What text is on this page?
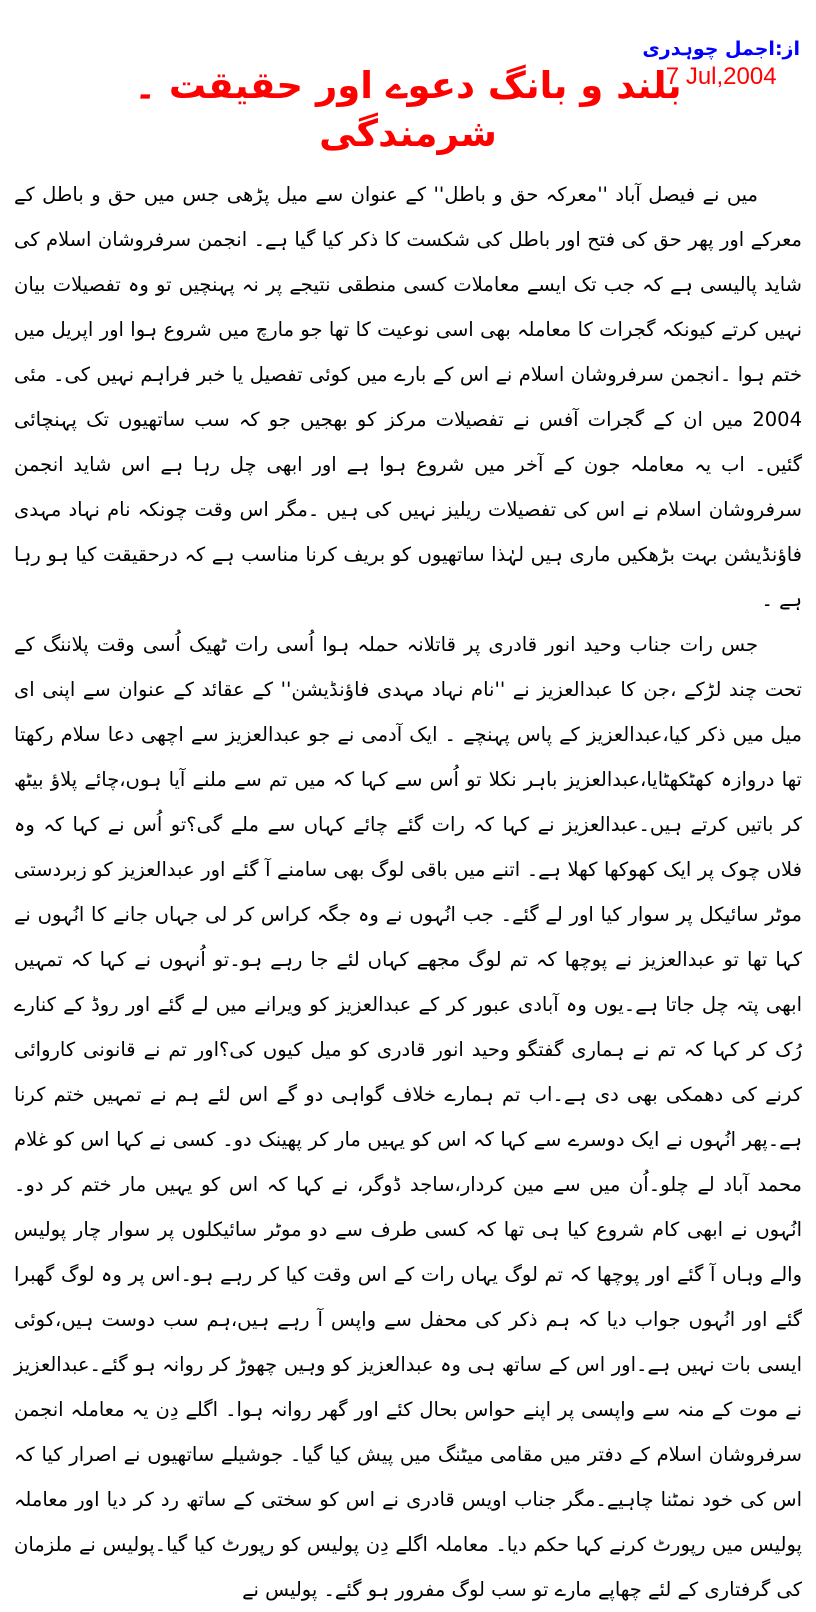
از:اجمل چوہدری
7 Jul,2004
بلند و بانگ دعوے اور حقیقت ۔ شرمندگی

میں نے فیصل آباد ''معرکہ حق و باطل'' کے عنوان سے میل پڑھی جس میں حق و باطل کے معرکے اور پھر حق کی فتح اور باطل کی شکست کا ذکر کیا گیا ہے۔ انجمن سرفروشان اسلام کی شاید پالیسی ہے کہ جب تک ایسے معاملات کسی منطقی نتیجے پر نہ پہنچیں تو وہ تفصیلات بیان نہیں کرتے کیونکہ گجرات کا معاملہ بھی اسی نوعیت کا تھا جو مارچ میں شروع ہوا اور اپریل میں ختم ہوا ۔انجمن سرفروشان اسلام نے اس کے بارے میں کوئی تفصیل یا خبر فراہم نہیں کی۔ مئی 2004 میں ان کے گجرات آفس نے تفصیلات مرکز کو بھجیں جو کہ سب ساتھیوں تک پہنچائی گئیں۔ اب یہ معاملہ جون کے آخر میں شروع ہوا ہے اور ابھی چل رہا ہے اس شاید انجمن سرفروشان اسلام نے اس کی تفصیلات ریلیز نہیں کی ہیں ۔مگر اس وقت چونکہ نام نہاد مہدی فاؤنڈیشن بہت بڑھکیں ماری ہیں لہٰذا ساتھیوں کو بریف کرنا مناسب ہے کہ درحقیقت کیا ہو رہا ہے ۔

جس رات جناب وحید انور قادری پر قاتلانہ حملہ ہوا اُسی رات ٹھیک اُسی وقت پلاننگ کے تحت چند لڑکے ،جن کا عبدالعزیز نے ''نام نہاد مہدی فاؤنڈیشن'' کے عقائد کے عنوان سے اپنی ای میل میں ذکر کیا،عبدالعزیز کے پاس پہنچے ۔ ایک آدمی نے جو عبدالعزیز سے اچھی دعا سلام رکھتا تھا دروازہ کھٹکھٹایا،عبدالعزیز باہر نکلا تو اُس سے کہا کہ میں تم سے ملنے آیا ہوں،چائے پلاؤ بیٹھ کر باتیں کرتے ہیں۔عبدالعزیز نے کہا کہ رات گئے چائے کہاں سے ملے گی؟تو اُس نے کہا کہ وہ فلاں چوک پر ایک کھوکھا کھلا ہے۔ اتنے میں باقی لوگ بھی سامنے آ گئے اور عبدالعزیز کو زبردستی موٹر سائیکل پر سوار کیا اور لے گئے۔ جب انُہوں نے وہ جگہ کراس کر لی جہاں جانے کا انُہوں نے کہا تھا تو عبدالعزیز نے پوچھا کہ تم لوگ مجھے کہاں لئے جا رہے ہو۔تو اُنہوں نے کہا کہ تمہیں ابھی پتہ چل جاتا ہے۔یوں وہ آبادی عبور کر کے عبدالعزیز کو ویرانے میں لے گئے اور روڈ کے کنارے رُک کر کہا کہ تم نے ہماری گفتگو وحید انور قادری کو میل کیوں کی؟اور تم نے قانونی کاروائی کرنے کی دھمکی بھی دی ہے۔اب تم ہمارے خلاف گواہی دو گے اس لئے ہم نے تمہیں ختم کرنا ہے۔پھر انُہوں نے ایک دوسرے سے کہا کہ اس کو یہیں مار کر پھینک دو۔ کسی نے کہا اس کو غلام محمد آباد لے چلو۔اُن میں سے مین کردار،ساجد ڈوگر، نے کہا کہ اس کو یہیں مار ختم کر دو۔انُہوں نے ابھی کام شروع کیا ہی تھا کہ کسی طرف سے دو موٹر سائیکلوں پر سوار چار پولیس والے وہاں آ گئے اور پوچھا کہ تم لوگ یہاں رات کے اس وقت کیا کر رہے ہو۔اس پر وہ لوگ گھبرا گئے اور انُہوں جواب دیا کہ ہم ذکر کی محفل سے واپس آ رہے ہیں،ہم سب دوست ہیں،کوئی ایسی بات نہیں ہے۔اور اس کے ساتھ ہی وہ عبدالعزیز کو وہیں چھوڑ کر روانہ ہو گئے۔عبدالعزیز نے موت کے منہ سے واپسی پر اپنے حواس بحال کئے اور گھر روانہ ہوا۔ اگلے دِن یہ معاملہ انجمن سرفروشان اسلام کے دفتر میں مقامی میٹنگ میں پیش کیا گیا۔ جوشیلے ساتھیوں نے اصرار کیا کہ اس کی خود نمٹنا چاہیے۔مگر جناب اویس قادری نے اس کو سختی کے ساتھ رد کر دیا اور معاملہ پولیس میں رپورٹ کرنے کہا حکم دیا۔ معاملہ اگلے دِن پولیس کو رپورٹ کیا گیا۔پولیس نے ملزمان کی گرفتاری کے لئے چھاپے مارے تو سب لوگ مفرور ہو گئے۔ پولیس نے
